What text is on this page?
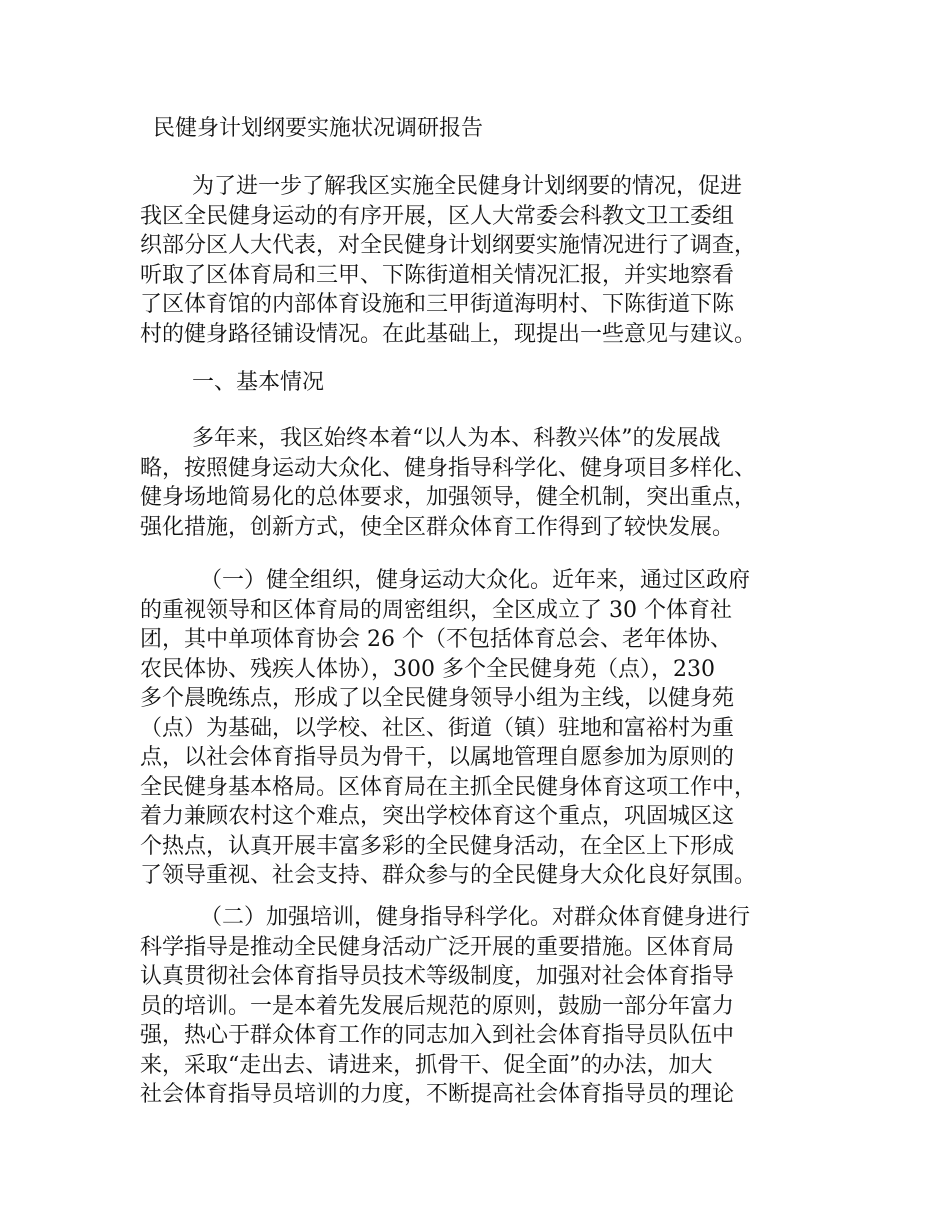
民健身计划纲要实施状况调研报告
为了进一步了解我区实施全民健身计划纲要的情况，促进
我区全民健身运动的有序开展，区人大常委会科教文卫工委组
织部分区人大代表，对全民健身计划纲要实施情况进行了调查，
听取了区体育局和三甲、下陈街道相关情况汇报，并实地察看
了区体育馆的内部体育设施和三甲街道海明村、下陈街道下陈
村的健身路径铺设情况。在此基础上，现提出一些意见与建议。
一、基本情况
多年来，我区始终本着“以人为本、科教兴体”的发展战
略，按照健身运动大众化、健身指导科学化、健身项目多样化、
健身场地简易化的总体要求，加强领导，健全机制，突出重点，
强化措施，创新方式，使全区群众体育工作得到了较快发展。
（一）健全组织，健身运动大众化。近年来，通过区政府
的重视领导和区体育局的周密组织，全区成立了 30 个体育社
团，其中单项体育协会 26 个（不包括体育总会、老年体协、
农民体协、残疾人体协），300 多个全民健身苑（点），230
多个晨晚练点，形成了以全民健身领导小组为主线，以健身苑
（点）为基础，以学校、社区、街道（镇）驻地和富裕村为重
点，以社会体育指导员为骨干，以属地管理自愿参加为原则的
全民健身基本格局。区体育局在主抓全民健身体育这项工作中，
着力兼顾农村这个难点，突出学校体育这个重点，巩固城区这
个热点，认真开展丰富多彩的全民健身活动，在全区上下形成
了领导重视、社会支持、群众参与的全民健身大众化良好氛围。
（二）加强培训，健身指导科学化。对群众体育健身进行
科学指导是推动全民健身活动广泛开展的重要措施。区体育局
认真贯彻社会体育指导员技术等级制度，加强对社会体育指导
员的培训。一是本着先发展后规范的原则，鼓励一部分年富力
强，热心于群众体育工作的同志加入到社会体育指导员队伍中
来，采取“走出去、请进来，抓骨干、促全面”的办法，加大
社会体育指导员培训的力度，不断提高社会体育指导员的理论
